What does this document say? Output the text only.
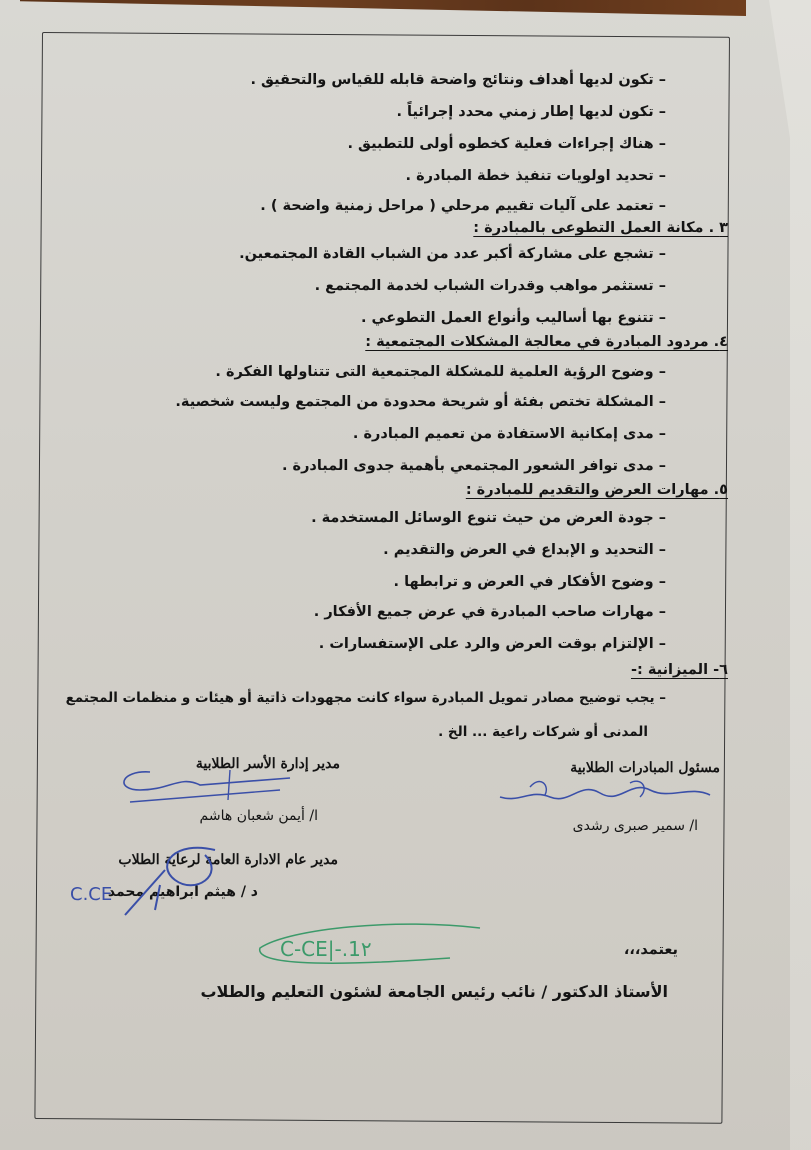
– تكون لديها أهداف ونتائج واضحة قابله للقياس والتحقيق .
– تكون لديها إطار زمني محدد إجرائياً .
– هناك إجراءات فعلية كخطوه أولى للتطبيق .
– تحديد اولويات تنفيذ خطة المبادرة .
– تعتمد على آليات تقييم مرحلي ( مراحل زمنية واضحة ) .
٣ . مكانة العمل التطوعى بالمبادرة :
– تشجع على مشاركة أكبر عدد من الشباب القادة المجتمعين.
– تستثمر مواهب وقدرات الشباب لخدمة المجتمع .
– تتنوع بها أساليب وأنواع العمل التطوعي .
٤. مردود المبادرة في معالجة المشكلات المجتمعية :
– وضوح الرؤية العلمية للمشكلة المجتمعية التى تتناولها الفكرة .
– المشكلة تختص بفئة أو شريحة محدودة من المجتمع وليست شخصية.
– مدى إمكانية الاستفادة من تعميم المبادرة .
– مدى توافر الشعور المجتمعي بأهمية جدوى المبادرة .
٥. مهارات العرض والتقديم للمبادرة :
– جودة العرض من حيث تنوع الوسائل المستخدمة .
– التحديد و الإبداع في العرض والتقديم .
– وضوح الأفكار في العرض و ترابطها .
– مهارات صاحب المبادرة في عرض جميع الأفكار .
– الإلتزام بوقت العرض والرد على الإستفسارات .
٦- الميزانية :-
– يجب توضيح مصادر تمويل المبادرة سواء كانت مجهودات ذاتية أو هيئات و منظمات المجتمع
المدنى أو شركات راعية ... الخ .
مسئول المبادرات الطلابية
ا/ سمير صبرى رشدى
مدير إدارة الأسر الطلابية
ا/ أيمن شعبان هاشم
مدير عام الادارة العامة لرعاية الطلاب
د / هيثم ابراهيم محمد
يعتمد،،،
الأستاذ الدكتور / نائب رئيس الجامعة لشئون التعليم والطلاب
C.CE
C-CE|-.1٢
